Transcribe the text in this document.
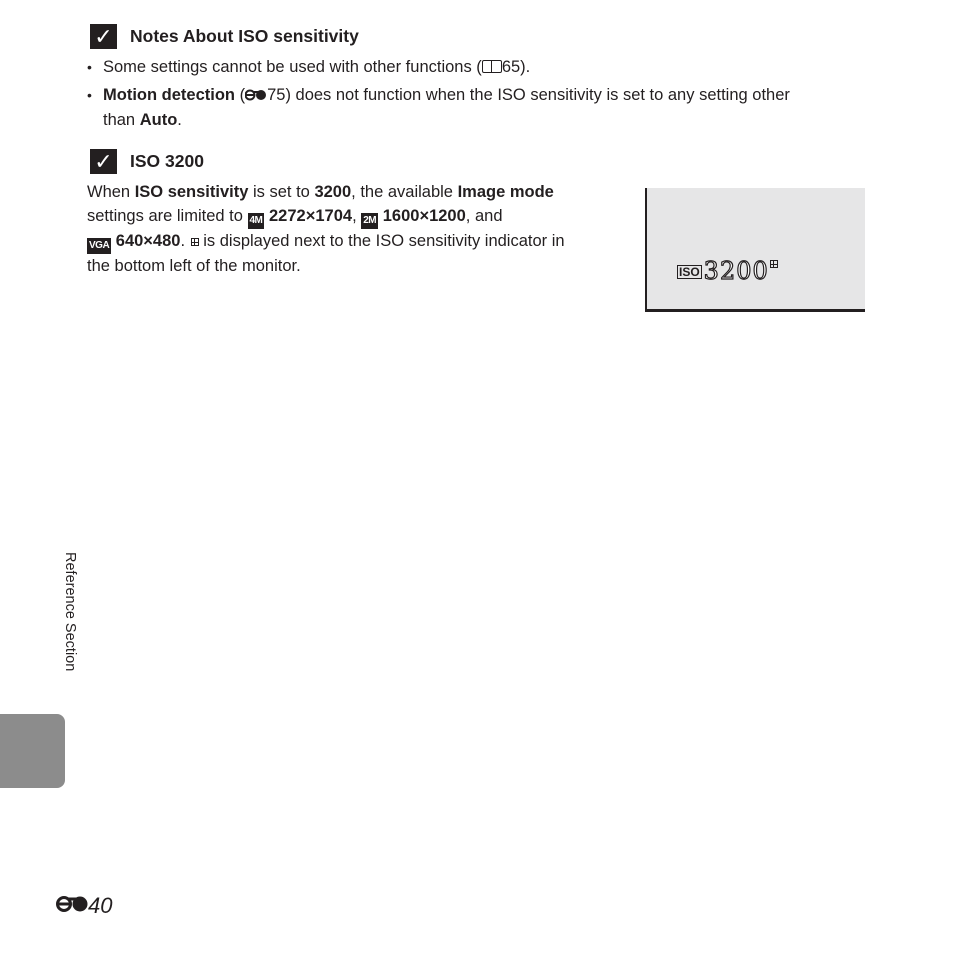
✓ Notes About ISO sensitivity
• Some settings cannot be used with other functions ( 65).
• Motion detection ( 75) does not function when the ISO sensitivity is set to any setting other
than Auto.
✓ ISO 3200
When ISO sensitivity is set to 3200, the available Image mode
settings are limited to 4M 2272×1704, 2M 1600×1200, and
VGA 640×480.  is displayed next to the ISO sensitivity indicator in
the bottom left of the monitor.	ISO 3200
Reference Section
40
